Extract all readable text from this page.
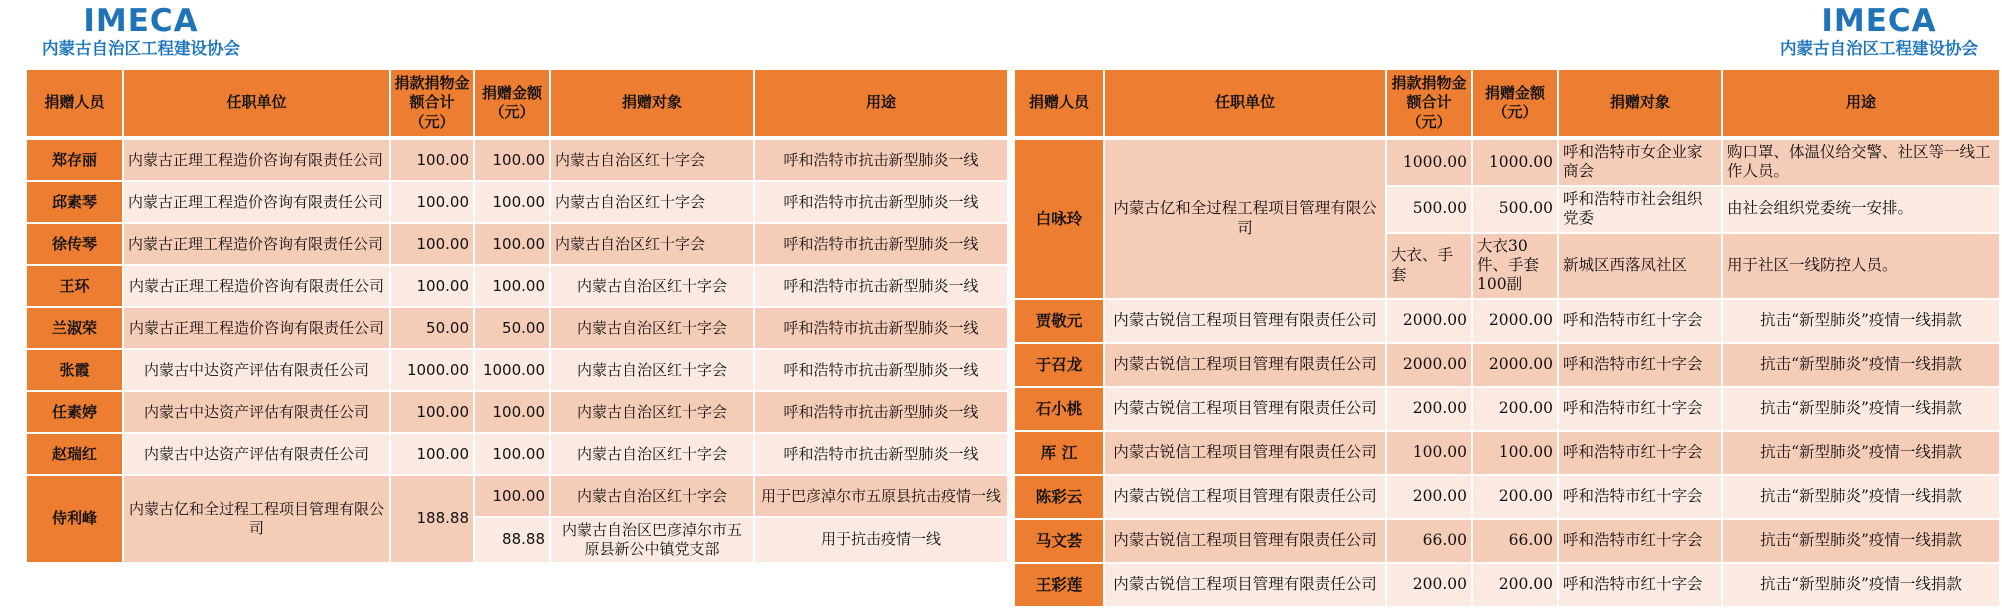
IMECA
内蒙古自治区工程建设协会
捐赠人员	任职单位	捐款捐物金额合计（元）	捐赠金额（元）	捐赠对象	用途
郑存丽	内蒙古正理工程造价咨询有限责任公司	100.00	100.00	内蒙古自治区红十字会	呼和浩特市抗击新型肺炎一线
邱素琴	内蒙古正理工程造价咨询有限责任公司	100.00	100.00	内蒙古自治区红十字会	呼和浩特市抗击新型肺炎一线
徐传琴	内蒙古正理工程造价咨询有限责任公司	100.00	100.00	内蒙古自治区红十字会	呼和浩特市抗击新型肺炎一线
王环	内蒙古正理工程造价咨询有限责任公司	100.00	100.00	内蒙古自治区红十字会	呼和浩特市抗击新型肺炎一线
兰淑荣	内蒙古正理工程造价咨询有限责任公司	50.00	50.00	内蒙古自治区红十字会	呼和浩特市抗击新型肺炎一线
张霞	内蒙古中达资产评估有限责任公司	1000.00	1000.00	内蒙古自治区红十字会	呼和浩特市抗击新型肺炎一线
任素婷	内蒙古中达资产评估有限责任公司	100.00	100.00	内蒙古自治区红十字会	呼和浩特市抗击新型肺炎一线
赵瑞红	内蒙古中达资产评估有限责任公司	100.00	100.00	内蒙古自治区红十字会	呼和浩特市抗击新型肺炎一线
侍利峰	内蒙古亿和全过程工程项目管理有限公司	188.88	100.00	内蒙古自治区红十字会	用于巴彦淖尔市五原县抗击疫情一线
			88.88	内蒙古自治区巴彦淖尔市五原县新公中镇党支部	用于抗击疫情一线
IMECA
内蒙古自治区工程建设协会
捐赠人员	任职单位	捐款捐物金额合计（元）	捐赠金额（元）	捐赠对象	用途
白咏玲	内蒙古亿和全过程工程项目管理有限公司	1000.00	1000.00	呼和浩特市女企业家商会	购口罩、体温仪给交警、社区等一线工作人员。
		500.00	500.00	呼和浩特市社会组织党委	由社会组织党委统一安排。
		大衣、手套	大衣30件、手套100副	新城区西落凤社区	用于社区一线防控人员。
贾敬元	内蒙古锐信工程项目管理有限责任公司	2000.00	2000.00	呼和浩特市红十字会	抗击“新型肺炎”疫情一线捐款
于召龙	内蒙古锐信工程项目管理有限责任公司	2000.00	2000.00	呼和浩特市红十字会	抗击“新型肺炎”疫情一线捐款
石小桃	内蒙古锐信工程项目管理有限责任公司	200.00	200.00	呼和浩特市红十字会	抗击“新型肺炎”疫情一线捐款
厍 江	内蒙古锐信工程项目管理有限责任公司	100.00	100.00	呼和浩特市红十字会	抗击“新型肺炎”疫情一线捐款
陈彩云	内蒙古锐信工程项目管理有限责任公司	200.00	200.00	呼和浩特市红十字会	抗击“新型肺炎”疫情一线捐款
马文荟	内蒙古锐信工程项目管理有限责任公司	66.00	66.00	呼和浩特市红十字会	抗击“新型肺炎”疫情一线捐款
王彩莲	内蒙古锐信工程项目管理有限责任公司	200.00	200.00	呼和浩特市红十字会	抗击“新型肺炎”疫情一线捐款
